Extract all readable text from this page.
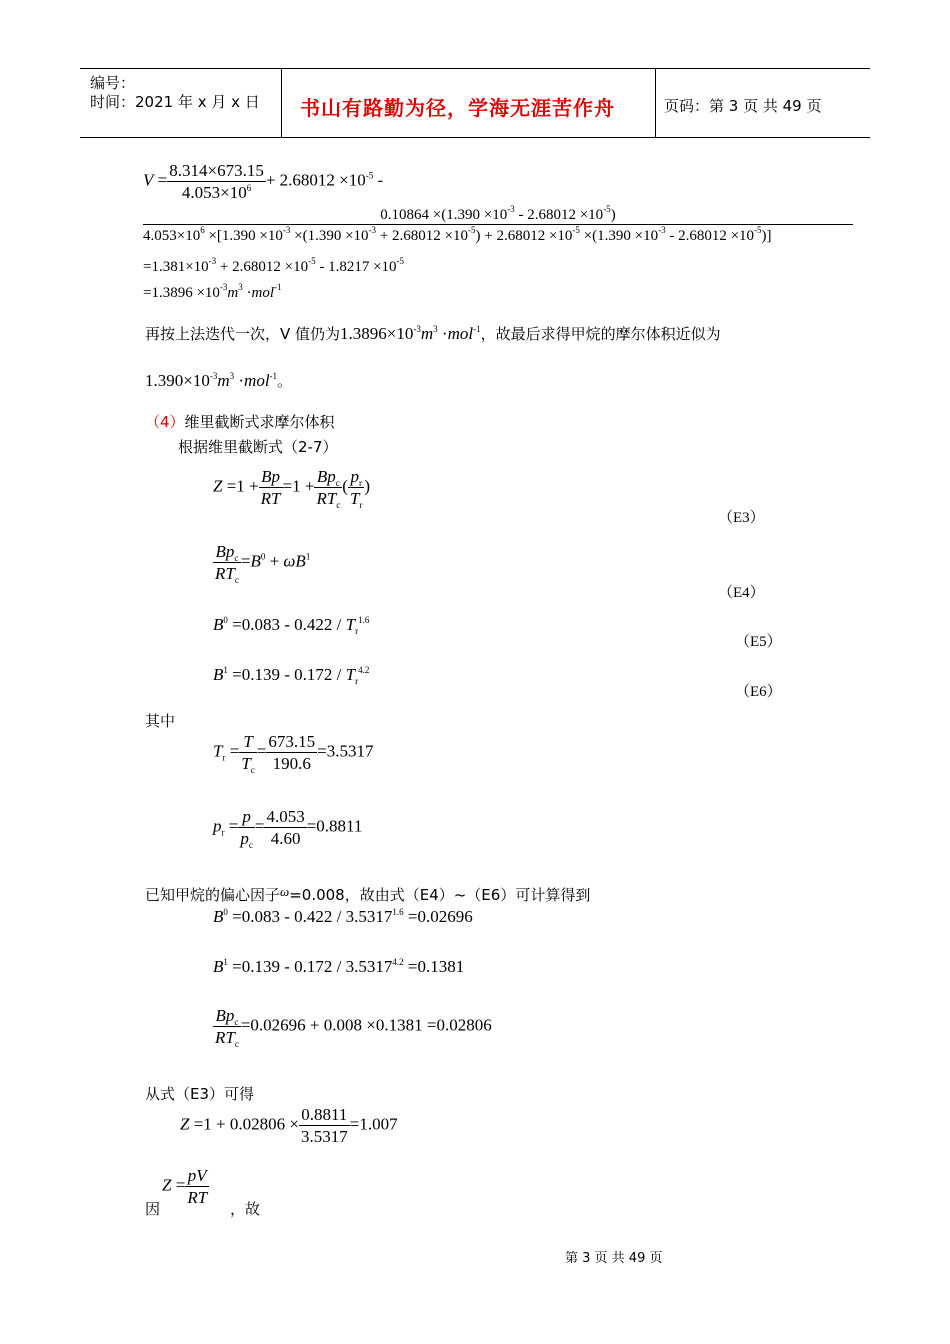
编号：
时间：2021 年 x 月 x 日 书山有路勤为径，学海无涯苦作舟	页码：第 3 页 共 49 页
$V = \frac{8.314\times 673.15}{4.053\times 10^6} + 2.68012 \times 10^{-5}$ -
$0.10864 \times(1.390 \times 10^{-3} - 2.68012 \times 10^{-5})$
$4.053\times 10^6 \times[1.390 \times 10^{-3} \times(1.390 \times 10^{-3} + 2.68012 \times 10^{-5}) + 2.68012 \times 10^{-5} \times(1.390 \times 10^{-3} - 2.68012 \times 10^{-5})]$
$=1.381\times 10^{-3} + 2.68012 \times 10^{-5} - 1.8217 \times 10^{-5}$
$=1.3896 \times 10^{-3}m^3 \cdot mol^{-1}$
再按上法迭代一次，V 值仍为$1.3896\times 10^{-3}m^3 \cdot mol^{-1}$，故最后求得甲烷的摩尔体积近似为
$1.390\times 10^{-3}m^3 \cdot mol^{-1}$。
（4）维里截断式求摩尔体积
根据维里截断式（2-7）
$Z =1 + \frac{Bp}{RT} =1 + \frac{Bp_c}{RT_c}$ ( $\frac{p_r}{T_r}$ )
（E3）
$\frac{Bp_c}{RT_c} =B^0 + \omega B^1$
（E4）
$B^0 =0.083 - 0.422 / T_r^{1.6}$
（E5）
$B^1 =0.139 - 0.172 / T_r^{4.2}$
（E6）
其中
$T_r = \frac{T}{T_c} = \frac{673.15}{190.6} =3.5317$
$p_r = \frac{p}{p_c} = \frac{4.053}{4.60} =0.8811$
已知甲烷的偏心因子$^\omega$=0.008，故由式（E4）~（E6）可计算得到
$B^0 =0.083 - 0.422 / 3.5317^{1.6} =0.02696$
$B^1 =0.139 - 0.172 / 3.5317^{4.2} =0.1381$
$\frac{Bp_c}{RT_c} =0.02696 + 0.008 \times 0.1381 =0.02806$
从式（E3）可得
$Z =1 + 0.02806 \times \frac{0.8811}{3.5317} =1.007$
因
$Z = \frac{pV}{RT}$
，故
第 3 页 共 49 页
